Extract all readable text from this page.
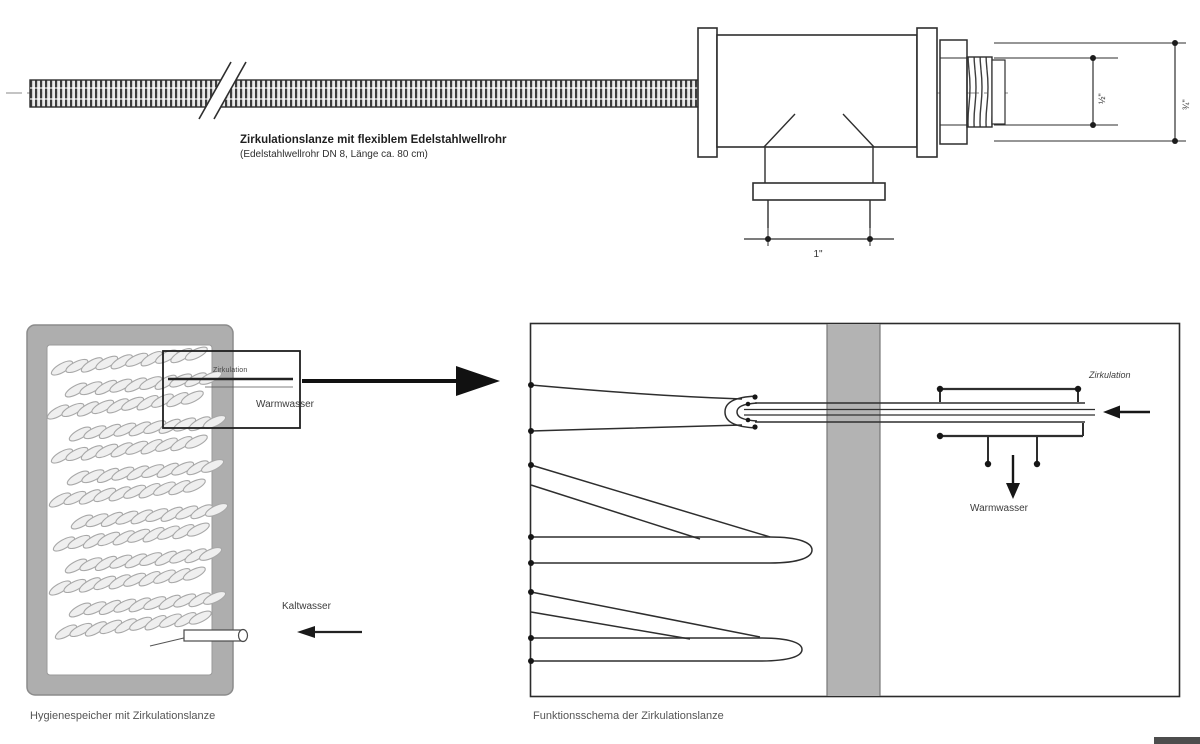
Zirkulationslanze mit flexiblem Edelstahlwellrohr
(Edelstahlwellrohr DN 8, Länge ca. 80 cm)
1"
½"
¾"
Zirkulation
Warmwasser
Kaltwasser
Hygienespeicher mit Zirkulationslanze
Zirkulation
Warmwasser
Funktionsschema der Zirkulationslanze
